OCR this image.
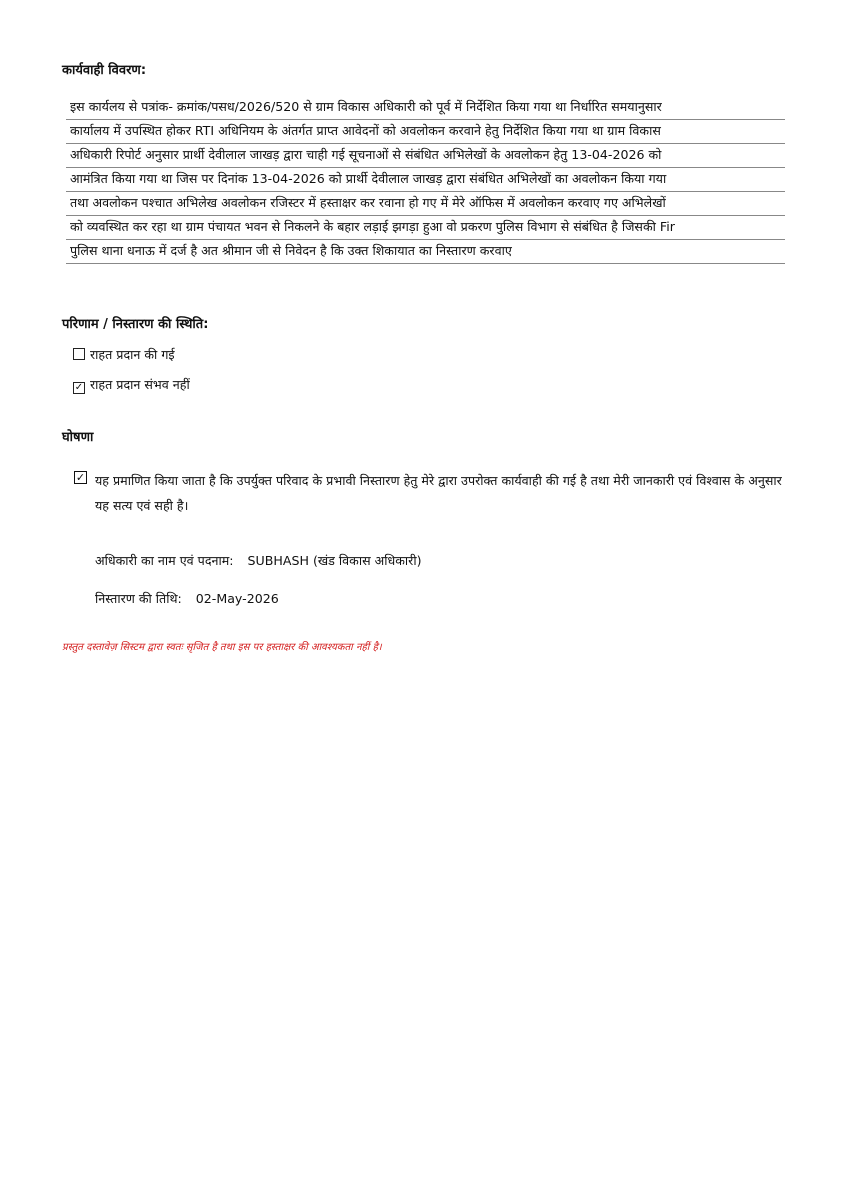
कार्यवाही विवरण:
इस कार्यलय से पत्रांक- क्रमांक/पसध/2026/520 से ग्राम विकास अधिकारी को पूर्व में निर्देशित किया गया था निर्धारित समयानुसार
कार्यालय में उपस्थित होकर RTI अधिनियम के अंतर्गत प्राप्त आवेदनों को अवलोकन करवाने हेतु निर्देशित किया गया था ग्राम विकास
अधिकारी रिपोर्ट अनुसार प्रार्थी देवीलाल जाखड़ द्वारा चाही गई सूचनाओं से संबंधित अभिलेखों के अवलोकन हेतु 13-04-2026 को
आमंत्रित किया गया था जिस पर दिनांक 13-04-2026 को प्रार्थी देवीलाल जाखड़ द्वारा संबंधित अभिलेखों का अवलोकन किया गया
तथा अवलोकन पश्चात अभिलेख अवलोकन रजिस्टर में हस्ताक्षर कर रवाना हो गए में मेरे ऑफिस में अवलोकन करवाए गए अभिलेखों
को व्यवस्थित कर रहा था ग्राम पंचायत भवन से निकलने के बहार लड़ाई झगड़ा हुआ वो प्रकरण पुलिस विभाग से संबंधित है जिसकी Fir
पुलिस थाना धनाऊ में दर्ज है अत श्रीमान जी से निवेदन है कि उक्त शिकायात का निस्तारण करवाए
परिणाम / निस्तारण की स्थिति:
राहत प्रदान की गई
✓ राहत प्रदान संभव नहीं
घोषणा
✓ यह प्रमाणित किया जाता है कि उपर्युक्त परिवाद के प्रभावी निस्तारण हेतु मेरे द्वारा उपरोक्त कार्यवाही की गई है तथा मेरी जानकारी एवं विश्वास के अनुसार यह सत्य एवं सही है।
अधिकारी का नाम एवं पदनाम: SUBHASH (खंड विकास अधिकारी)
निस्तारण की तिथि: 02-May-2026
प्रस्तुत दस्तावेज़ सिस्टम द्वारा स्वतः सृजित है तथा इस पर हस्ताक्षर की आवश्यकता नहीं है।
